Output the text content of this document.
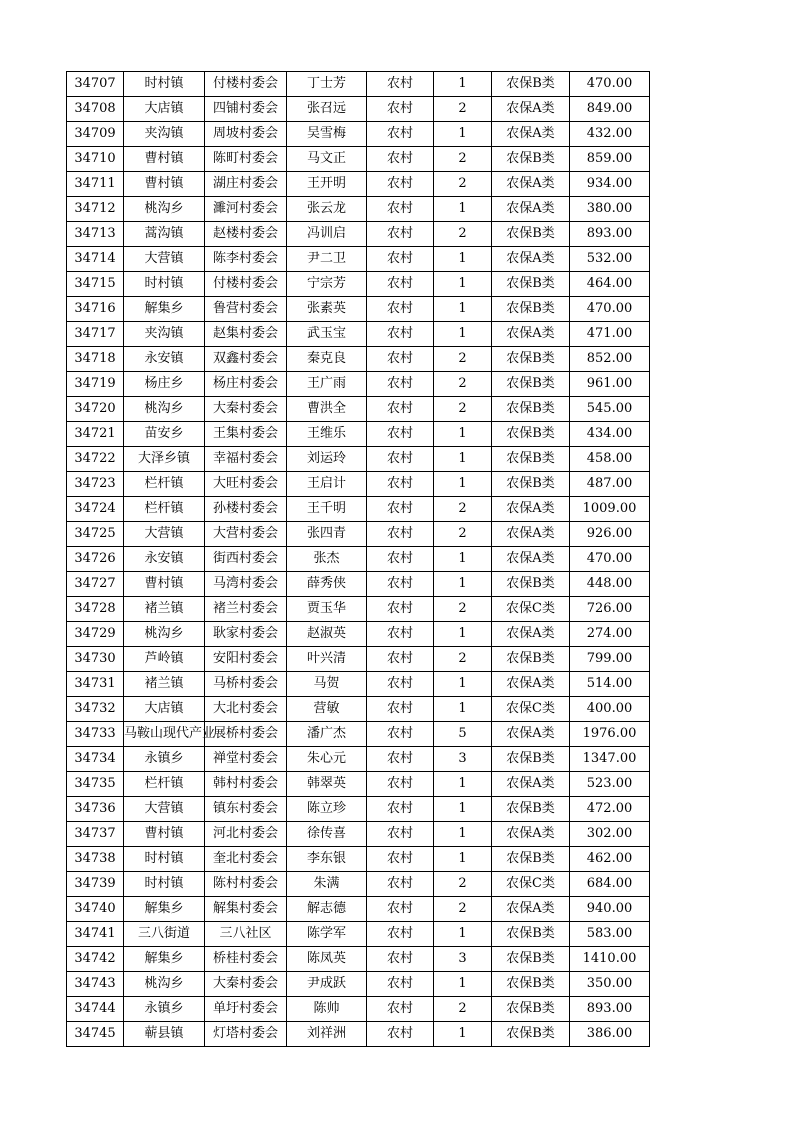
34707	时村镇	付楼村委会	丁士芳	农村	1	农保B类	470.00
34708	大店镇	四铺村委会	张召远	农村	2	农保A类	849.00
34709	夹沟镇	周坡村委会	吴雪梅	农村	1	农保A类	432.00
34710	曹村镇	陈町村委会	马文正	农村	2	农保B类	859.00
34711	曹村镇	湖庄村委会	王开明	农村	2	农保A类	934.00
34712	桃沟乡	濉河村委会	张云龙	农村	1	农保A类	380.00
34713	蒿沟镇	赵楼村委会	冯训启	农村	2	农保B类	893.00
34714	大营镇	陈李村委会	尹二卫	农村	1	农保A类	532.00
34715	时村镇	付楼村委会	宁宗芳	农村	1	农保B类	464.00
34716	解集乡	鲁营村委会	张素英	农村	1	农保B类	470.00
34717	夹沟镇	赵集村委会	武玉宝	农村	1	农保A类	471.00
34718	永安镇	双鑫村委会	秦克良	农村	2	农保B类	852.00
34719	杨庄乡	杨庄村委会	王广雨	农村	2	农保B类	961.00
34720	桃沟乡	大秦村委会	曹洪全	农村	2	农保B类	545.00
34721	苗安乡	王集村委会	王维乐	农村	1	农保B类	434.00
34722	大泽乡镇	幸福村委会	刘运玲	农村	1	农保B类	458.00
34723	栏杆镇	大旺村委会	王启计	农村	1	农保B类	487.00
34724	栏杆镇	孙楼村委会	王千明	农村	2	农保A类	1009.00
34725	大营镇	大营村委会	张四青	农村	2	农保A类	926.00
34726	永安镇	街西村委会	张杰	农村	1	农保A类	470.00
34727	曹村镇	马湾村委会	薛秀侠	农村	1	农保B类	448.00
34728	褚兰镇	褚兰村委会	贾玉华	农村	2	农保C类	726.00
34729	桃沟乡	耿家村委会	赵淑英	农村	1	农保A类	274.00
34730	芦岭镇	安阳村委会	叶兴清	农村	2	农保B类	799.00
34731	褚兰镇	马桥村委会	马贺	农村	1	农保A类	514.00
34732	大店镇	大北村委会	营敏	农村	1	农保C类	400.00
34733	马鞍山现代产业	展桥村委会	潘广杰	农村	5	农保A类	1976.00
34734	永镇乡	禅堂村委会	朱心元	农村	3	农保B类	1347.00
34735	栏杆镇	韩村村委会	韩翠英	农村	1	农保A类	523.00
34736	大营镇	镇东村委会	陈立珍	农村	1	农保B类	472.00
34737	曹村镇	河北村委会	徐传喜	农村	1	农保A类	302.00
34738	时村镇	奎北村委会	李东银	农村	1	农保B类	462.00
34739	时村镇	陈村村委会	朱满	农村	2	农保C类	684.00
34740	解集乡	解集村委会	解志德	农村	2	农保A类	940.00
34741	三八街道	三八社区	陈学军	农村	1	农保B类	583.00
34742	解集乡	桥桂村委会	陈凤英	农村	3	农保B类	1410.00
34743	桃沟乡	大秦村委会	尹成跃	农村	1	农保B类	350.00
34744	永镇乡	单圩村委会	陈帅	农村	2	农保B类	893.00
34745	蕲县镇	灯塔村委会	刘祥洲	农村	1	农保B类	386.00
